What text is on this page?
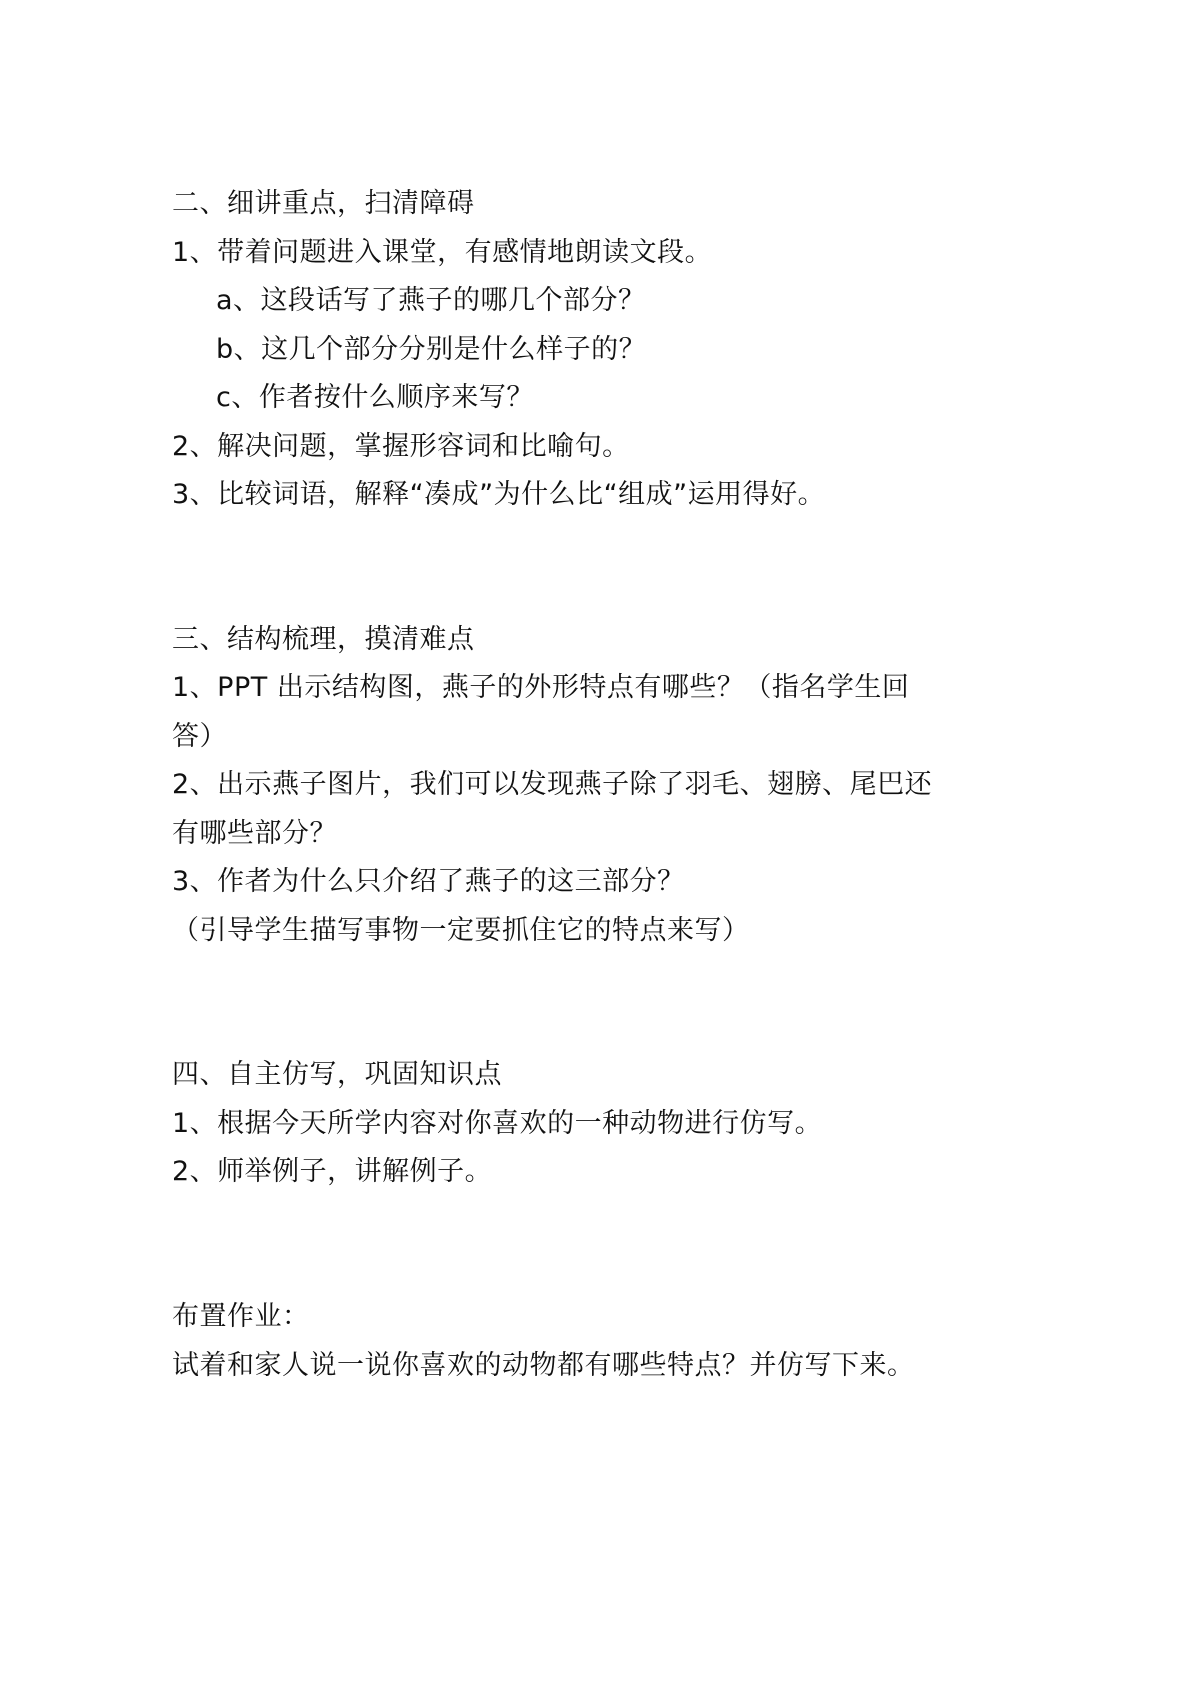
二、细讲重点，扫清障碍
1、带着问题进入课堂，有感情地朗读文段。
a、这段话写了燕子的哪几个部分？
b、这几个部分分别是什么样子的？
c、作者按什么顺序来写？
2、解决问题，掌握形容词和比喻句。
3、比较词语，解释“凑成”为什么比“组成”运用得好。
三、结构梳理，摸清难点
1、PPT 出示结构图，燕子的外形特点有哪些？（指名学生回
答）
2、出示燕子图片，我们可以发现燕子除了羽毛、翅膀、尾巴还
有哪些部分？
3、作者为什么只介绍了燕子的这三部分？
（引导学生描写事物一定要抓住它的特点来写）
四、自主仿写，巩固知识点
1、根据今天所学内容对你喜欢的一种动物进行仿写。
2、师举例子，讲解例子。
布置作业：
试着和家人说一说你喜欢的动物都有哪些特点？并仿写下来。
